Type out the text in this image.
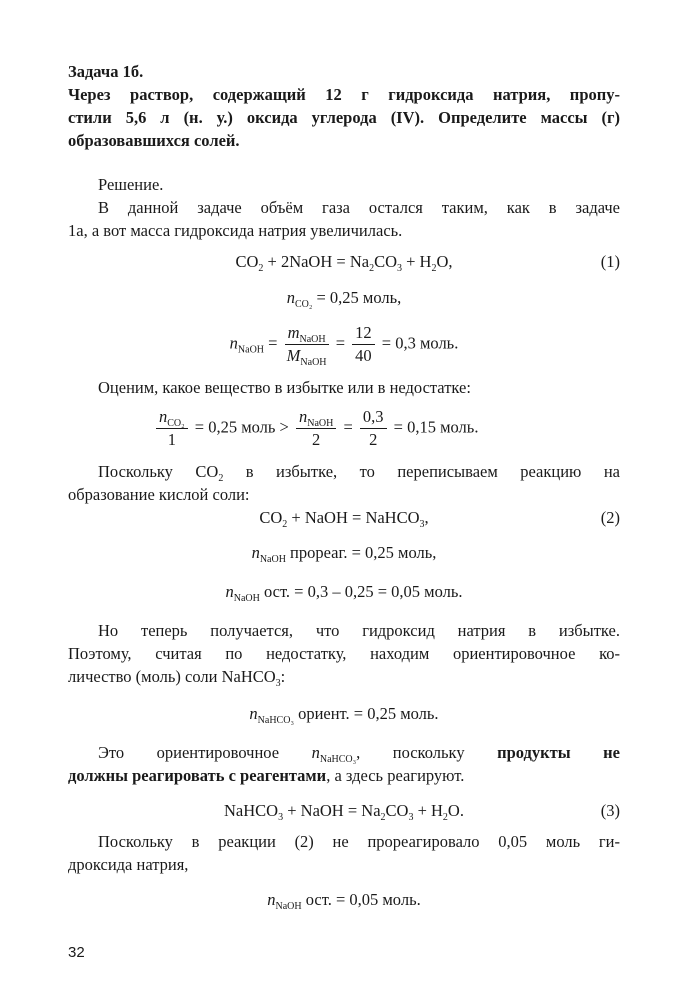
Задача 1б.
Через раствор, содержащий 12 г гидроксида натрия, пропу-
стили 5,6 л (н. у.) оксида углерода (IV). Определите массы (г)
образовавшихся солей.
Решение.
В данной задаче объём газа остался таким, как в задаче
1а, а вот масса гидроксида натрия увеличилась.
$CO_2$ + 2NaOH = $Na_2CO_3 + H_2O$,	(1)
$n_{CO_2} = 0,25$ моль,
$n_{NaOH} = \frac{m_{NaOH}}{M_{NaOH}} = \frac{12}{40} = 0,3$ моль.
Оценим, какое вещество в избытке или в недостатке:
$\frac{n_{CO_2}}{1} = 0,25$ моль > $\frac{n_{NaOH}}{2} = \frac{0,3}{2} = 0,15$ моль.
Поскольку $CO_2$ в избытке, то переписываем реакцию на
образование кислой соли:
$CO_2$ + NaOH = NaHCO$_3$,	(2)
$n_{NaOH}$ прореаг. = 0,25 моль,
$n_{NaOH}$ ост. = 0,3 – 0,25 = 0,05 моль.
Но теперь получается, что гидроксид натрия в избытке.
Поэтому, считая по недостатку, находим ориентировочное ко-
личество (моль) соли NaHCO$_3$:
$n_{NaHCO_3}$ ориент. = 0,25 моль.
Это ориентировочное $n_{NaHCO_3}$, поскольку продукты не
должны реагировать с реагентами, а здесь реагируют.
NaHCO$_3$ + NaOH = $Na_2CO_3 + H_2O$.	(3)
Поскольку в реакции (2) не прореагировало 0,05 моль ги-
дроксида натрия,
$n_{NaOH}$ ост. = 0,05 моль.
32
